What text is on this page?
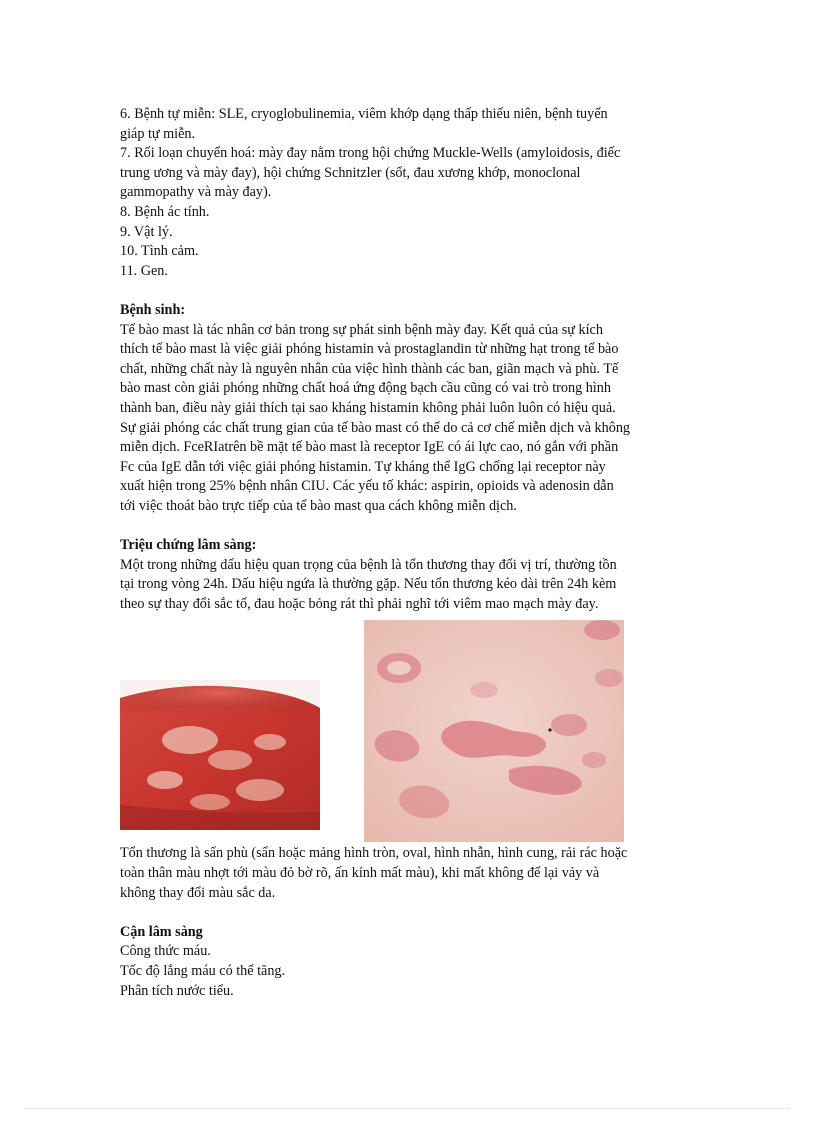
6. Bệnh tự miễn: SLE, cryoglobulinemia, viêm khớp dạng thấp thiếu niên, bệnh tuyến
giáp tự miễn.
7. Rối loạn chuyển hoá: mày đay nằm trong hội chứng Muckle-Wells (amyloidosis, điếc
trung ương và mày đay), hội chứng Schnitzler (sốt, đau xương khớp, monoclonal
gammopathy và mày đay).
8. Bệnh ác tính.
9. Vật lý.
10. Tình cảm.
11. Gen.
Bệnh sinh:
Tế bào mast là tác nhân cơ bản trong sự phát sinh bệnh mày đay. Kết quả của sự kích
thích tế bào mast là việc giải phóng histamin và prostaglandin từ những hạt trong tế bào
chất, những chất này là nguyên nhân của việc hình thành các ban, giãn mạch và phù. Tế
bào mast còn giải phóng những chất hoá ứng động bạch cầu cũng có vai trò trong hình
thành ban, điều này giải thích tại sao kháng histamin không phải luôn luôn có hiệu quả.
Sự giải phóng các chất trung gian của tế bào mast có thể do cả cơ chế miễn dịch và không
miễn dịch. FceRIatrên bề mặt tế bào mast là receptor IgE có ái lực cao, nó gắn với phần
Fc của IgE dẫn tới việc giải phóng histamin. Tự kháng thể IgG chống lại receptor này
xuất hiện trong 25% bệnh nhân CIU. Các yếu tố khác: aspirin, opioids và adenosin dẫn
tới việc thoát bào trực tiếp của tế bào mast qua cách không miễn dịch.
Triệu chứng lâm sàng:
Một trong những dấu hiệu quan trọng của bệnh là tổn thương thay đổi vị trí, thường tồn
tại trong vòng 24h. Dấu hiệu ngứa là thường gặp. Nếu tổn thương kéo dài trên 24h kèm
theo sự thay đổi sắc tố, đau hoặc bỏng rát thì phải nghĩ tới viêm mao mạch mày đay.
Tổn thương là sẩn phù (sẩn hoặc mảng hình tròn, oval, hình nhẫn, hình cung, rải rác hoặc
toàn thân màu nhợt tới màu đỏ bờ rõ, ấn kính mất màu), khi mất không để lại vảy và
không thay đổi màu sắc da.
Cận lâm sàng
Công thức máu.
Tốc độ lắng máu có thể tăng.
Phân tích nước tiểu.
